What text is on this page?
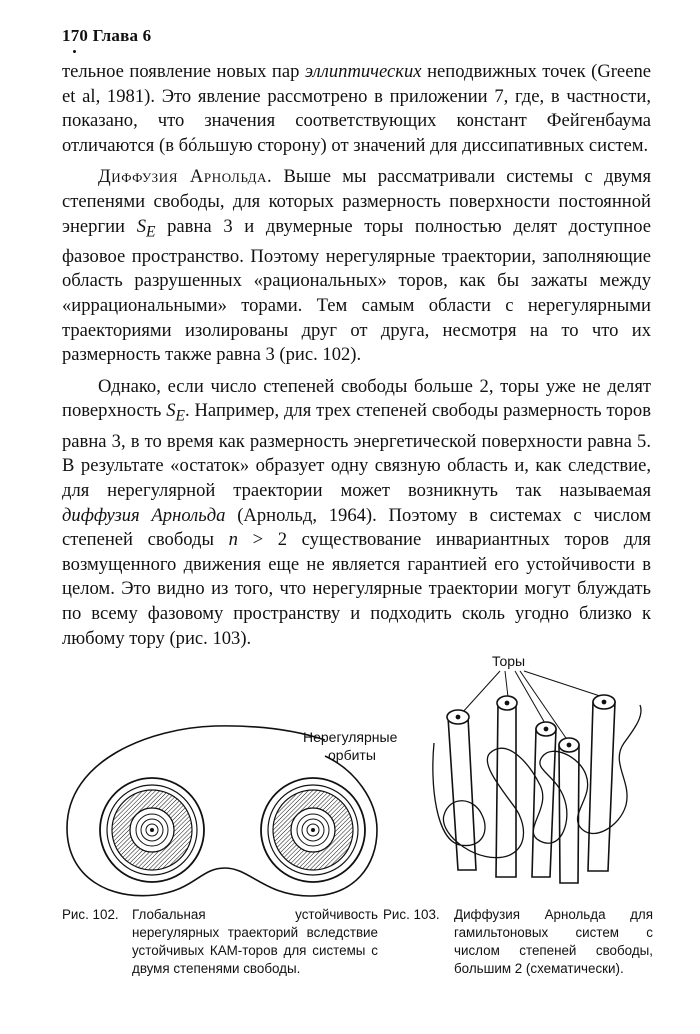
170 Глава 6

тельное появление новых пар эллиптических неподвижных точек (Greene et al, 1981). Это явление рассмотрено в приложении 7, где, в частности, показано, что значения соответствующих констант Фейгенбаума отличаются (в бóльшую сторону) от значений для диссипативных систем.

Диффузия Арнольда. Выше мы рассматривали системы с двумя степенями свободы, для которых размерность поверхности постоянной энергии $S_E$ равна 3 и двумерные торы полностью делят доступное фазовое пространство. Поэтому нерегулярные траектории, заполняющие область разрушенных «рациональных» торов, как бы зажаты между «иррациональными» торами. Тем самым области с нерегулярными траекториями изолированы друг от друга, несмотря на то что их размерность также равна 3 (рис. 102).

Однако, если число степеней свободы больше 2, торы уже не делят поверхность $S_E$. Например, для трех степеней свободы размерность торов равна 3, в то время как размерность энергетической поверхности равна 5. В результате «остаток» образует одну связную область и, как следствие, для нерегулярной траектории может возникнуть так называемая диффузия Арнольда (Арнольд, 1964). Поэтому в системах с числом степеней свободы n > 2 существование инвариантных торов для возмущенного движения еще не является гарантией его устойчивости в целом. Это видно из того, что нерегулярные траектории могут блуждать по всему фазовому пространству и подходить сколь угодно близко к любому тору (рис. 103).

Нерегулярные
орбиты
Торы
Рис. 102. Глобальная устойчивость нерегулярных траекторий вследствие устойчивых КАМ-торов для системы с двумя степенями свободы.
Рис. 103. Диффузия Арнольда для гамильтоновых систем с числом степеней свободы, большим 2 (схематически).
